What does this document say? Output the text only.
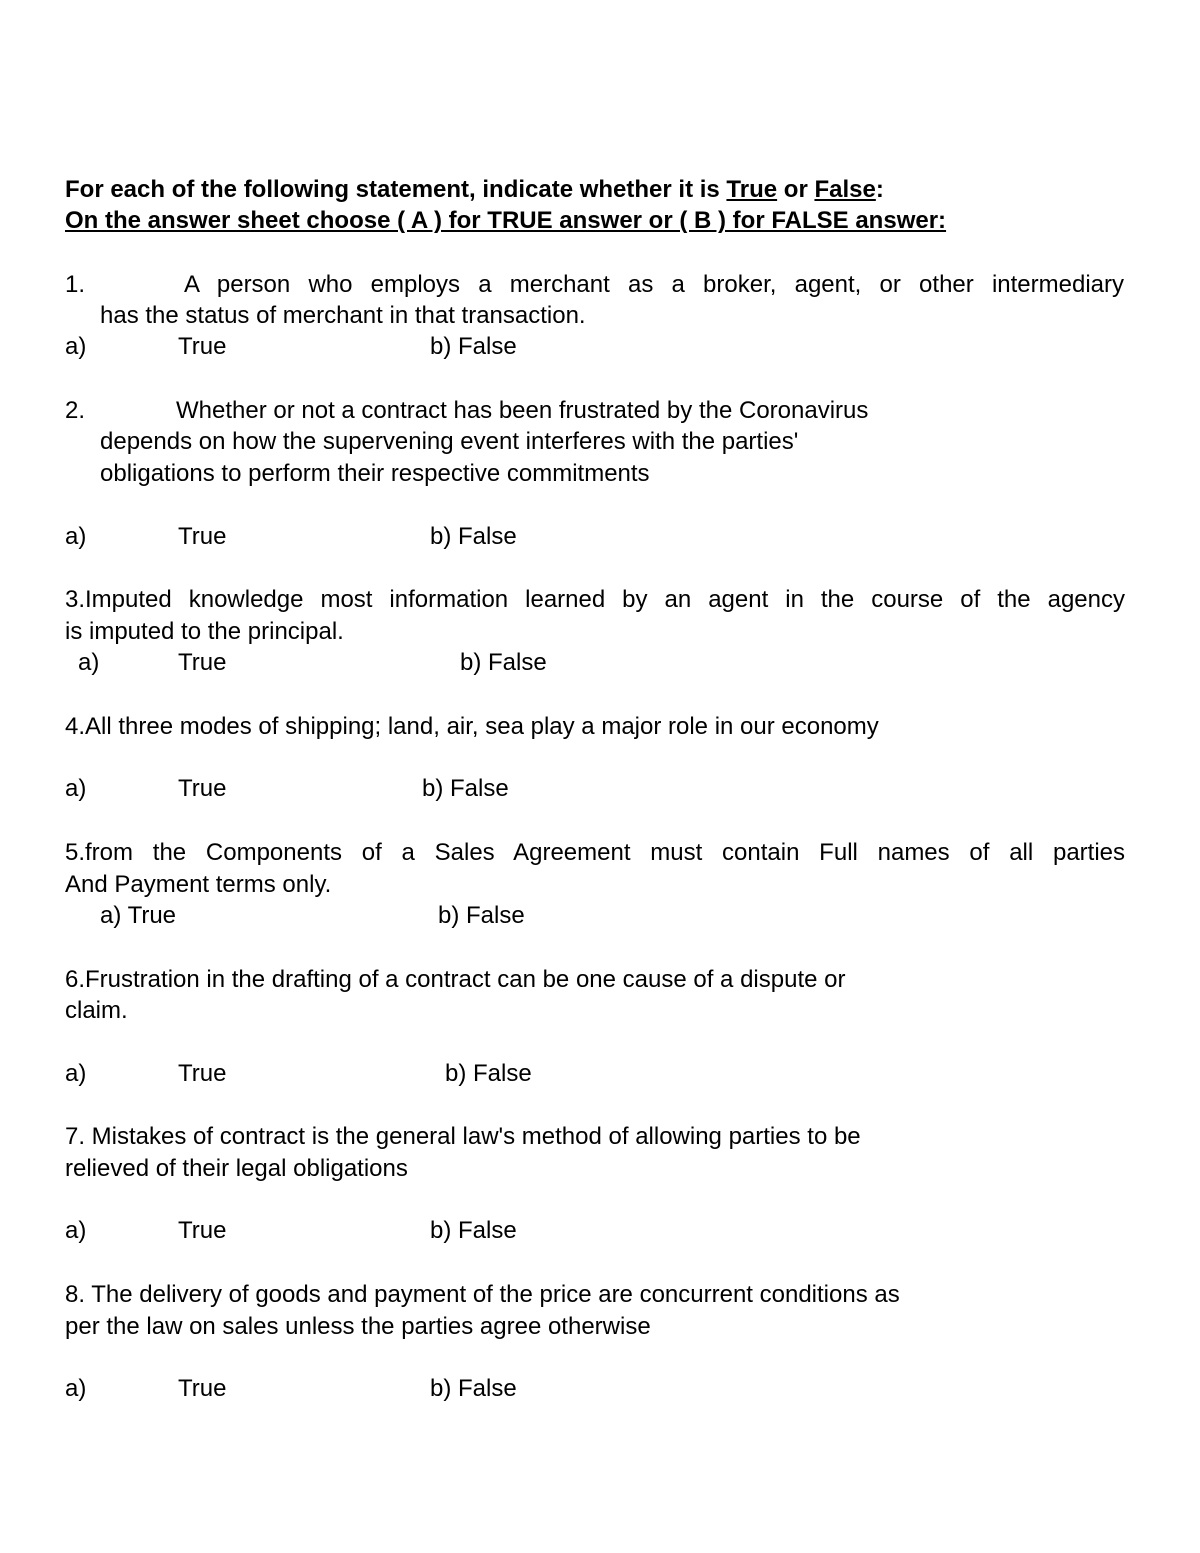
For each of the following statement, indicate whether it is True or False:
On the answer sheet choose ( A ) for TRUE answer or ( B ) for FALSE answer:
1.	A person who employs a merchant as a broker, agent, or other intermediary
has the status of merchant in that transaction.
a)	True	b) False
2.	Whether or not a contract has been frustrated by the Coronavirus
depends on how the supervening event interferes with the parties'
obligations to perform their respective commitments
a)	True	b) False
3.Imputed knowledge most information learned by an agent in the course of the agency
is imputed to the principal.
a)	True	b) False
4.All three modes of shipping; land, air, sea play a major role in our economy
a)	True	b) False
5.from the Components of a Sales Agreement must contain Full names of all parties
And Payment terms only.
a) True	b) False
6.Frustration in the drafting of a contract can be one cause of a dispute or
claim.
a)	True	b) False
7. Mistakes of contract is the general law's method of allowing parties to be
relieved of their legal obligations
a)	True	b) False
8. The delivery of goods and payment of the price are concurrent conditions as
per the law on sales unless the parties agree otherwise
a)	True	b) False
